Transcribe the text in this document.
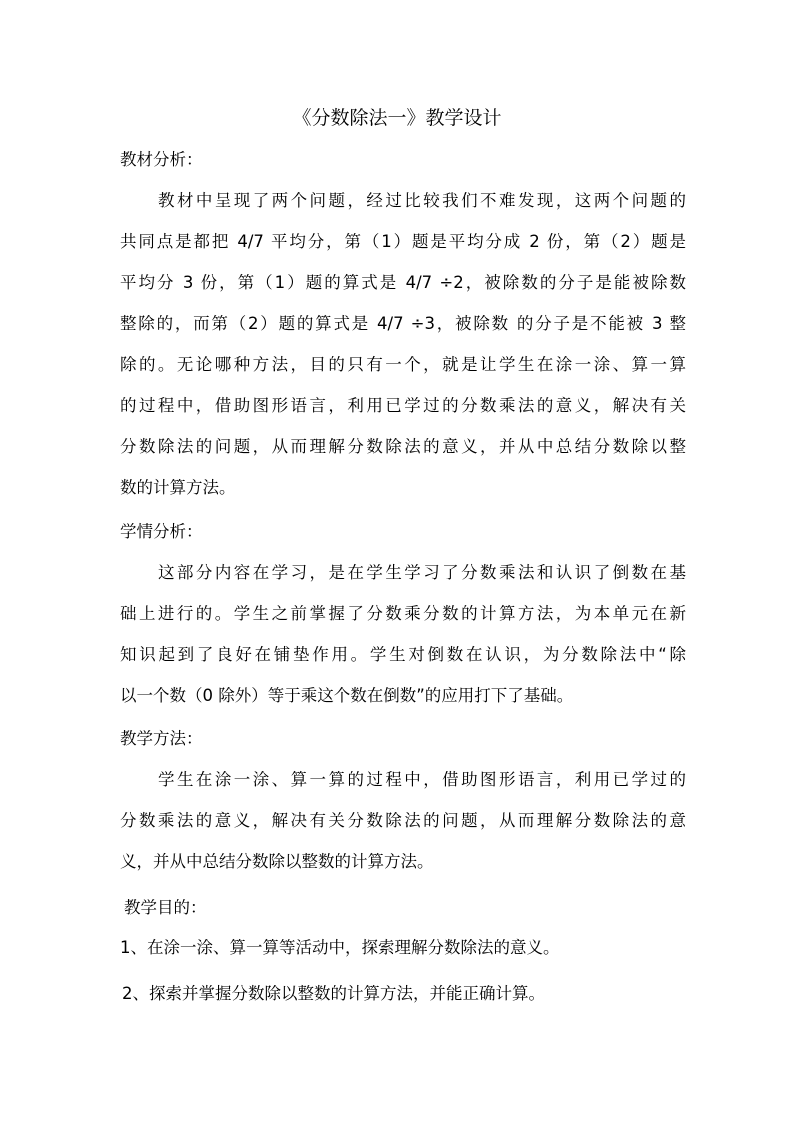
《分数除法一》教学设计
教材分析：
教材中呈现了两个问题，经过比较我们不难发现，这两个问题的
共同点是都把 4/7 平均分，第（1）题是平均分成 2 份，第（2）题是
平均分 3 份，第（1）题的算式是 4/7 ÷2，被除数的分子是能被除数
整除的，而第（2）题的算式是 4/7 ÷3，被除数 的分子是不能被 3 整
除的。无论哪种方法，目的只有一个，就是让学生在涂一涂、算一算
的过程中，借助图形语言，利用已学过的分数乘法的意义，解决有关
分数除法的问题，从而理解分数除法的意义，并从中总结分数除以整
数的计算方法。
学情分析：
这部分内容在学习，是在学生学习了分数乘法和认识了倒数在基
础上进行的。学生之前掌握了分数乘分数的计算方法，为本单元在新
知识起到了良好在铺垫作用。学生对倒数在认识，为分数除法中“除
以一个数（0 除外）等于乘这个数在倒数”的应用打下了基础。
教学方法：
学生在涂一涂、算一算的过程中，借助图形语言，利用已学过的
分数乘法的意义，解决有关分数除法的问题，从而理解分数除法的意
义，并从中总结分数除以整数的计算方法。
教学目的：
1、在涂一涂、算一算等活动中，探索理解分数除法的意义。
2、探索并掌握分数除以整数的计算方法，并能正确计算。
